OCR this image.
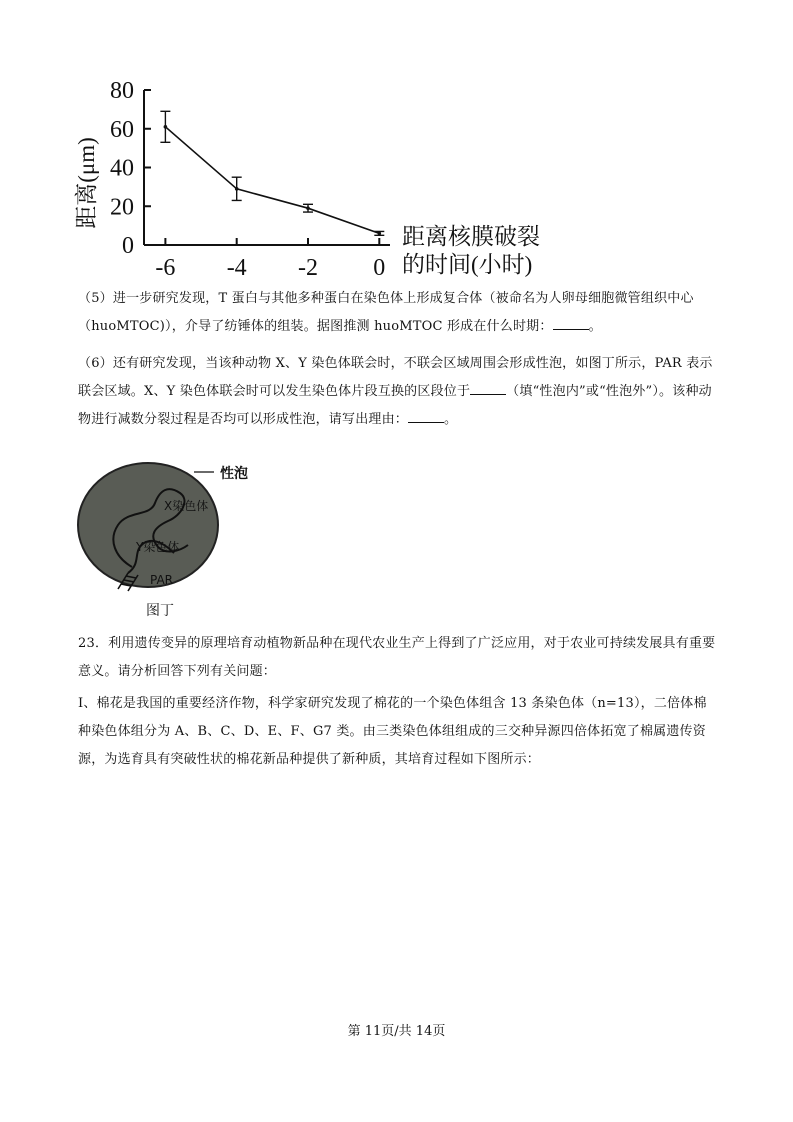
0
20
40
60
80
-6 -4 -2 0
距离(μm)
距离核膜破裂
的时间(小时)

（5）进一步研究发现，T 蛋白与其他多种蛋白在染色体上形成复合体（被命名为人卵母细胞微管组织中心（huoMTOC)），介导了纺锤体的组装。据图推测 huoMTOC 形成在什么时期：	。

（6）还有研究发现，当该种动物 X、Y 染色体联会时，不联会区域周围会形成性泡，如图丁所示，PAR 表示联会区域。X、Y 染色体联会时可以发生染色体片段互换的区段位于	（填“性泡内”或“性泡外”）。该种动物进行减数分裂过程是否均可以形成性泡，请写出理由：	。

性泡
X染色体
Y染色体
PAR

图丁

23．利用遗传变异的原理培育动植物新品种在现代农业生产上得到了广泛应用，对于农业可持续发展具有重要意义。请分析回答下列有关问题：

Ⅰ、棉花是我国的重要经济作物，科学家研究发现了棉花的一个染色体组含 13 条染色体（n=13），二倍体棉种染色体组分为 A、B、C、D、E、F、G7 类。由三类染色体组组成的三交种异源四倍体拓宽了棉属遗传资源，为选育具有突破性状的棉花新品种提供了新种质，其培育过程如下图所示：

第 11页/共 14页
